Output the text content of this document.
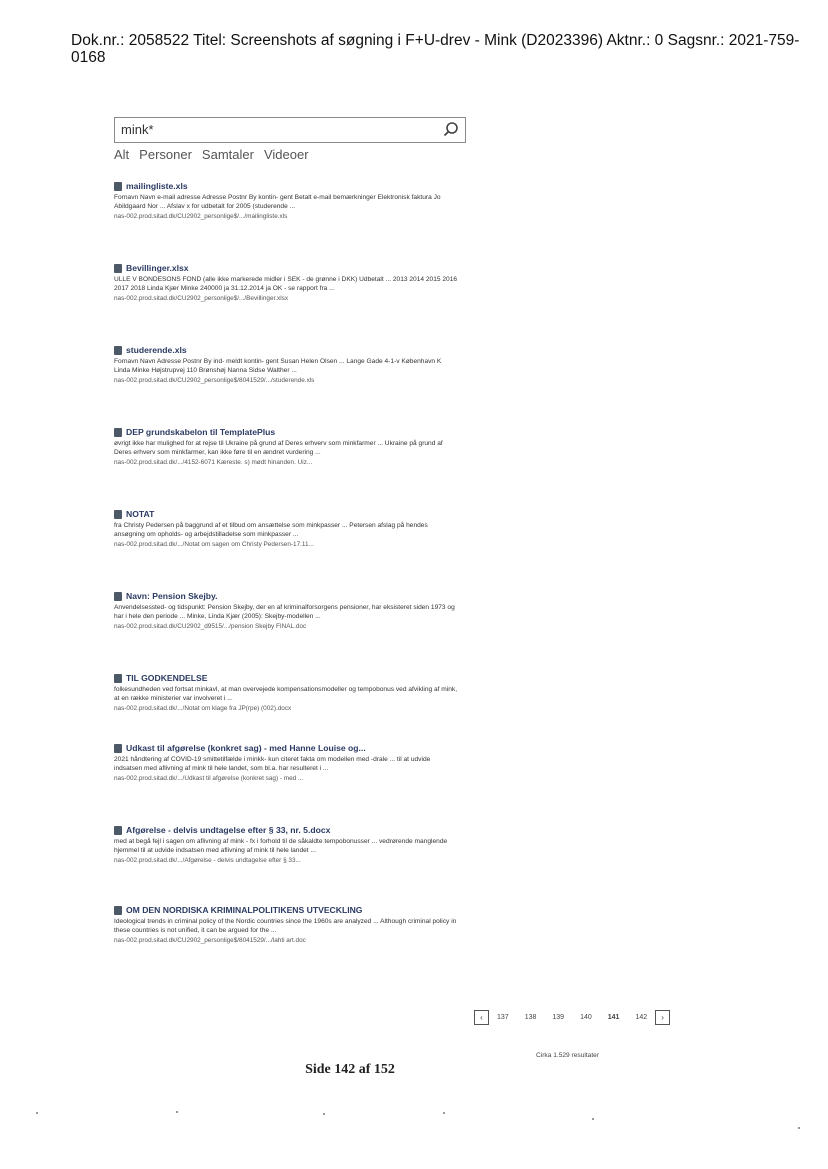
Dok.nr.: 2058522 Titel: Screenshots af søgning i F+U-drev - Mink (D2023396) Aktnr.: 0 Sagsnr.: 2021-759-0168
mink*
Alt Personer Samtaler Videoer
mailingliste.xls
Fornavn Navn e-mail adresse Adresse Postnr By kontin- gent Betalt e-mail bemærkninger Elektronisk faktura Jo Abildgaard Nor ... Afslav x for udbetalt for 2005 (studerende ...
nas-002.prod.sitad.dk/CU2902_personlige$/.../mailingliste.xls
Bevillinger.xlsx
ULLE V BONDESONS FOND (alle ikke markerede midler i SEK - de grønne i DKK) Udbetalt ... 2013 2014 2015 2016 2017 2018 Linda Kjær Minke 240000 ja 31.12.2014 ja OK - se rapport fra ...
nas-002.prod.sitad.dk/CU2902_personlige$/.../Bevillinger.xlsx
studerende.xls
Fornavn Navn Adresse Postnr By ind- meldt kontin- gent Susan Helen Olsen ... Lange Gade 4-1-v København K Linda Minke Højstrupvej 110 Brønshøj Nanna Sidse Walther ...
nas-002.prod.sitad.dk/CU2902_personlige$/8041529/.../studerende.xls
DEP grundskabelon til TemplatePlus
øvrigt ikke har mulighed for at rejse til Ukraine på grund af Deres erhverv som minkfarmer ... Ukraine på grund af Deres erhverv som minkfarmer, kan ikke føre til en ændret vurdering ...
nas-002.prod.sitad.dk/.../4152-6071 Kæreste. s) mødt hinanden. Uiz...
NOTAT
fra Christy Pedersen på baggrund af et tilbud om ansættelse som minkpasser ... Petersen afslag på hendes ansøgning om opholds- og arbejdstilladelse som minkpasser ...
nas-002.prod.sitad.dk/.../Notat om sagen om Christy Pedersen-17.11...
Navn: Pension Skejby.
Anvendelsessted- og tidspunkt: Pension Skejby, der en af kriminalforsorgens pensioner, har eksisteret siden 1973 og har i hele den periode ... Minke, Linda Kjær (2005): Skejby-modellen ...
nas-002.prod.sitad.dk/CU2902_d9515/.../pension Skejby FINAL.doc
TIL GODKENDELSE
folkesundheden ved fortsat minkavl, at man overvejede kompensationsmodeller og tempobonus ved afvikling af mink, at en række ministerier var involveret i ...
nas-002.prod.sitad.dk/.../Notat om klage fra JP(rpe) (002).docx
Udkast til afgørelse (konkret sag) - med Hanne Louise og...
2021 håndtering af COVID-19 smittetilfælde i minkk- kun citeret fakta om modellen med -drale ... til at udvide indsatsen med aflivning af mink til hele landet, som bl.a. har resulteret i ...
nas-002.prod.sitad.dk/.../Udkast til afgørelse (konkret sag) - med ...
Afgørelse - delvis undtagelse efter § 33, nr. 5.docx
med at begå fejl i sagen om aflivning af mink - fx i forhold til de såkaldte tempobonusser ... vedrørende manglende hjemmel til at udvide indsatsen med aflivning af mink til hele landet ...
nas-002.prod.sitad.dk/.../Afgørelse - delvis undtagelse efter § 33...
OM DEN NORDISKA KRIMINALPOLITIKENS UTVECKLING
Ideological trends in criminal policy of the Nordic countries since the 1960s are analyzed ... Although criminal policy in these countries is not unified, it can be argued for the ...
nas-002.prod.sitad.dk/CU2902_personlige$/8041529/.../lahti art.doc
‹	137 138 139 140 141 142	›
Cirka 1.529 resultater
Side 142 af 152
